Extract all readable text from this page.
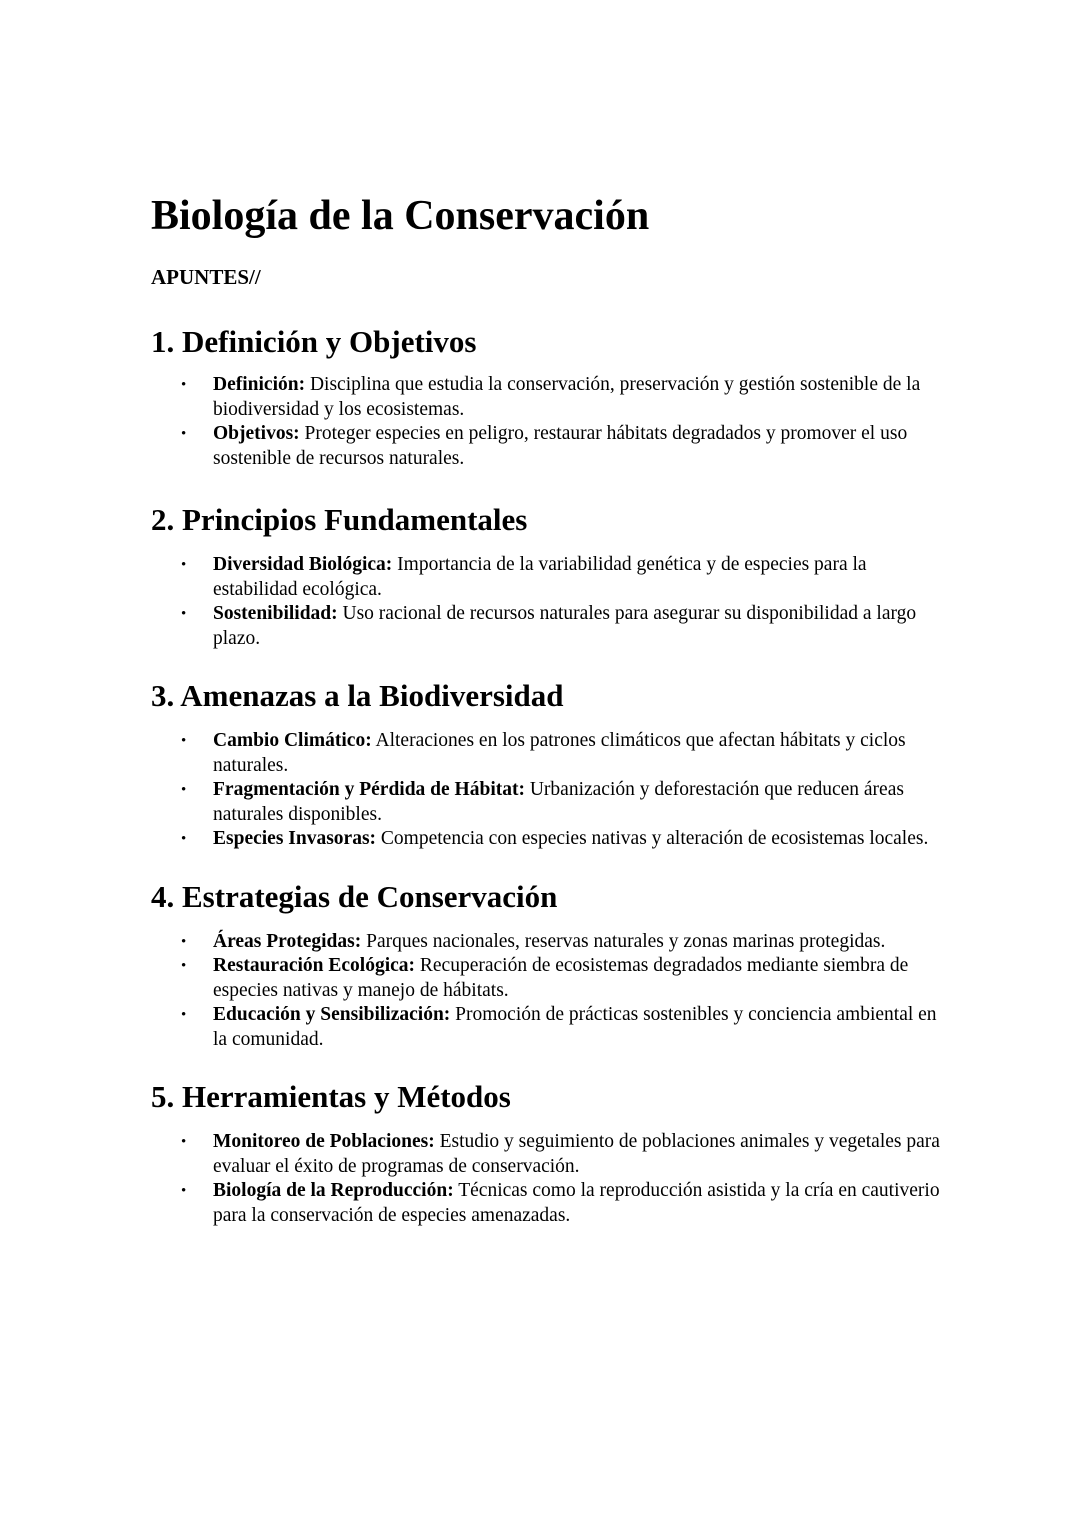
Biología de la Conservación
APUNTES//
1. Definición y Objetivos
• Definición: Disciplina que estudia la conservación, preservación y gestión sostenible de la biodiversidad y los ecosistemas.
• Objetivos: Proteger especies en peligro, restaurar hábitats degradados y promover el uso sostenible de recursos naturales.
2. Principios Fundamentales
• Diversidad Biológica: Importancia de la variabilidad genética y de especies para la estabilidad ecológica.
• Sostenibilidad: Uso racional de recursos naturales para asegurar su disponibilidad a largo plazo.
3. Amenazas a la Biodiversidad
• Cambio Climático: Alteraciones en los patrones climáticos que afectan hábitats y ciclos naturales.
• Fragmentación y Pérdida de Hábitat: Urbanización y deforestación que reducen áreas naturales disponibles.
• Especies Invasoras: Competencia con especies nativas y alteración de ecosistemas locales.
4. Estrategias de Conservación
• Áreas Protegidas: Parques nacionales, reservas naturales y zonas marinas protegidas.
• Restauración Ecológica: Recuperación de ecosistemas degradados mediante siembra de especies nativas y manejo de hábitats.
• Educación y Sensibilización: Promoción de prácticas sostenibles y conciencia ambiental en la comunidad.
5. Herramientas y Métodos
• Monitoreo de Poblaciones: Estudio y seguimiento de poblaciones animales y vegetales para evaluar el éxito de programas de conservación.
• Biología de la Reproducción: Técnicas como la reproducción asistida y la cría en cautiverio para la conservación de especies amenazadas.
